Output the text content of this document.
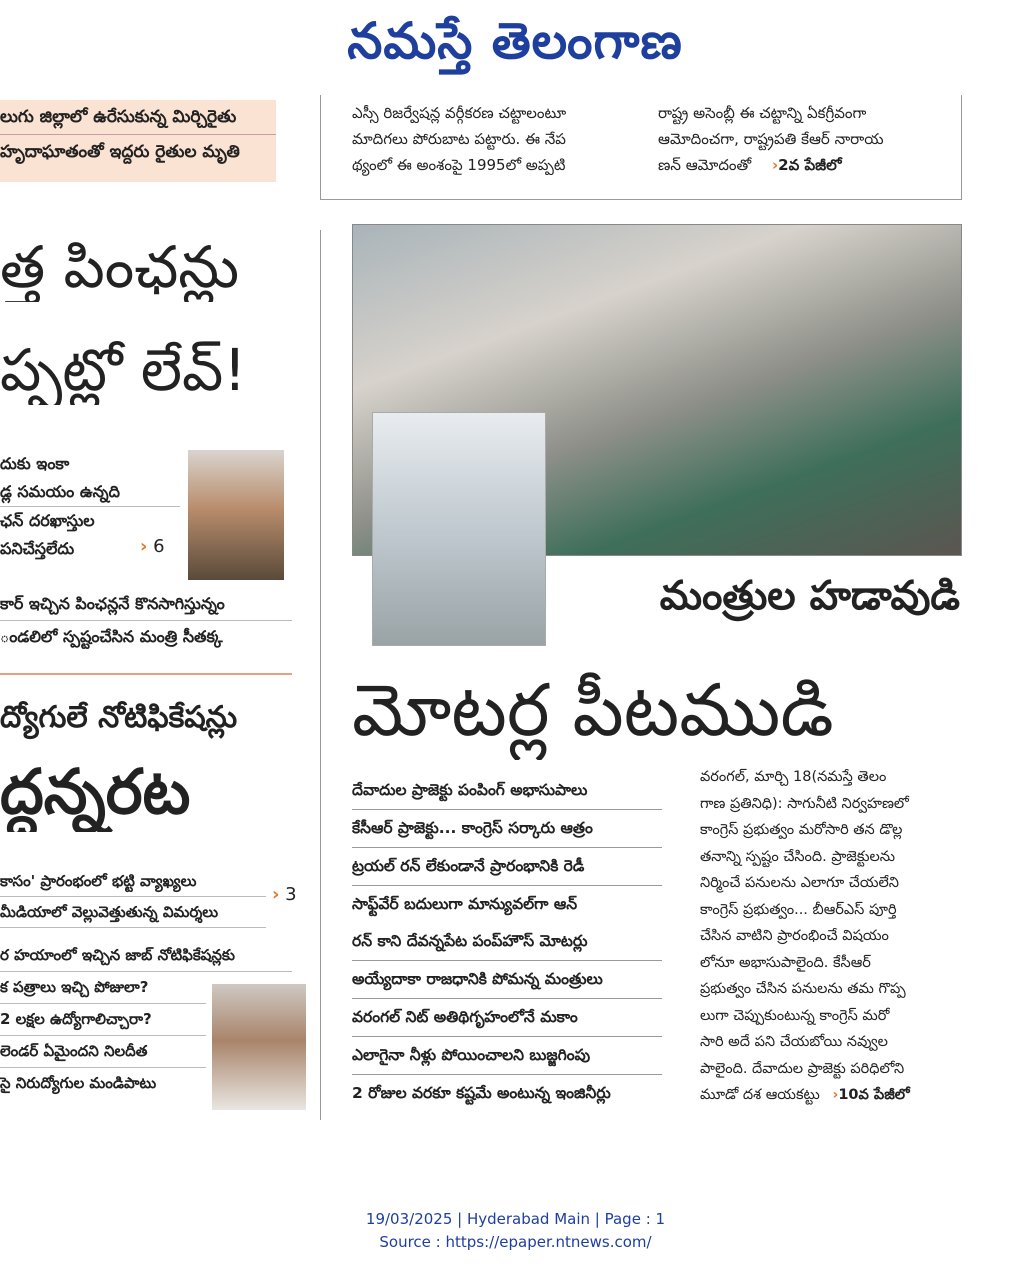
నమస్తే తెలంగాణ
లుగు జిల్లాలో ఉరేసుకున్న మిర్చిరైతు
హృదాఘాతంతో ఇద్దరు రైతుల మృతి
ఎస్సీ రిజర్వేషన్ల వర్గీకరణ చట్టాలంటూ
మాదిగలు పోరుబాట పట్టారు. ఈ నేప
థ్యంలో ఈ అంశంపై 1995లో అప్పటి
రాష్ట్ర అసెంబ్లీ ఈ చట్టాన్ని ఏకగ్రీవంగా
ఆమోదించగా, రాష్ట్రపతి కేఆర్ నారాయ
ణన్ ఆమోదంతో ›2వ పేజీలో
త్త పింఛన్లు
ప్పట్లో లేవ్!
దుకు ఇంకా
డ్ల సమయం ఉన్నది
ఛన్ దరఖాస్తుల
పనిచేస్తలేదు	› 6
కార్ ఇచ్చిన పింఛన్లనే కొనసాగిస్తున్నం
ండలిలో స్పష్టంచేసిన మంత్రి సీతక్క
ద్యోగులే నోటిఫికేషన్లు
ద్దన్నరట
కాసం' ప్రారంభంలో భట్టి వ్యాఖ్యలు
మీడియాలో వెల్లువెత్తుతున్న విమర్శలు
› 3
ర హయాంలో ఇచ్చిన జాబ్ నోటిఫికేషన్లకు
క పత్రాలు ఇచ్చి పోజులా?
2 లక్షల ఉద్యోగాలిచ్చారా?
లెండర్ ఏమైందని నిలదీత
సై నిరుద్యోగుల మండిపాటు
మంత్రుల హడావుడి
మోటర్ల పీటముడి
దేవాదుల ప్రాజెక్టు పంపింగ్ అభాసుపాలు
కేసీఆర్ ప్రాజెక్టు... కాంగ్రెస్ సర్కారు ఆత్రం
ట్రయల్ రన్ లేకుండానే ప్రారంభానికి రెడీ
సాఫ్ట్‌వేర్ బదులుగా మాన్యువల్‌గా ఆన్
రన్ కాని దేవన్నపేట పంప్‌హౌస్ మోటర్లు
అయ్యేదాకా రాజధానికి పోమన్న మంత్రులు
వరంగల్ నిట్ అతిథిగృహంలోనే మకాం
ఎలాగైనా నీళ్లు పోయించాలని బుజ్జగింపు
2 రోజుల వరకూ కష్టమే అంటున్న ఇంజినీర్లు
వరంగల్, మార్చి 18(నమస్తే తెలం
గాణ ప్రతినిధి): సాగునీటి నిర్వహణలో
కాంగ్రెస్ ప్రభుత్వం మరోసారి తన డొల్ల
తనాన్ని స్పష్టం చేసింది. ప్రాజెక్టులను
నిర్మించే పనులను ఎలాగూ చేయలేని
కాంగ్రెస్ ప్రభుత్వం... బీఆర్‌ఎస్ పూర్తి
చేసిన వాటిని ప్రారంభించే విషయం
లోనూ అభాసుపాలైంది. కేసీఆర్
ప్రభుత్వం చేసిన పనులను తమ గొప్ప
లుగా చెప్పుకుంటున్న కాంగ్రెస్ మరో
సారి అదే పని చేయబోయి నవ్వుల
పాలైంది. దేవాదుల ప్రాజెక్టు పరిధిలోని
మూడో దశ ఆయకట్టు ›10వ పేజీలో
19/03/2025 | Hyderabad Main | Page : 1
Source : https://epaper.ntnews.com/
